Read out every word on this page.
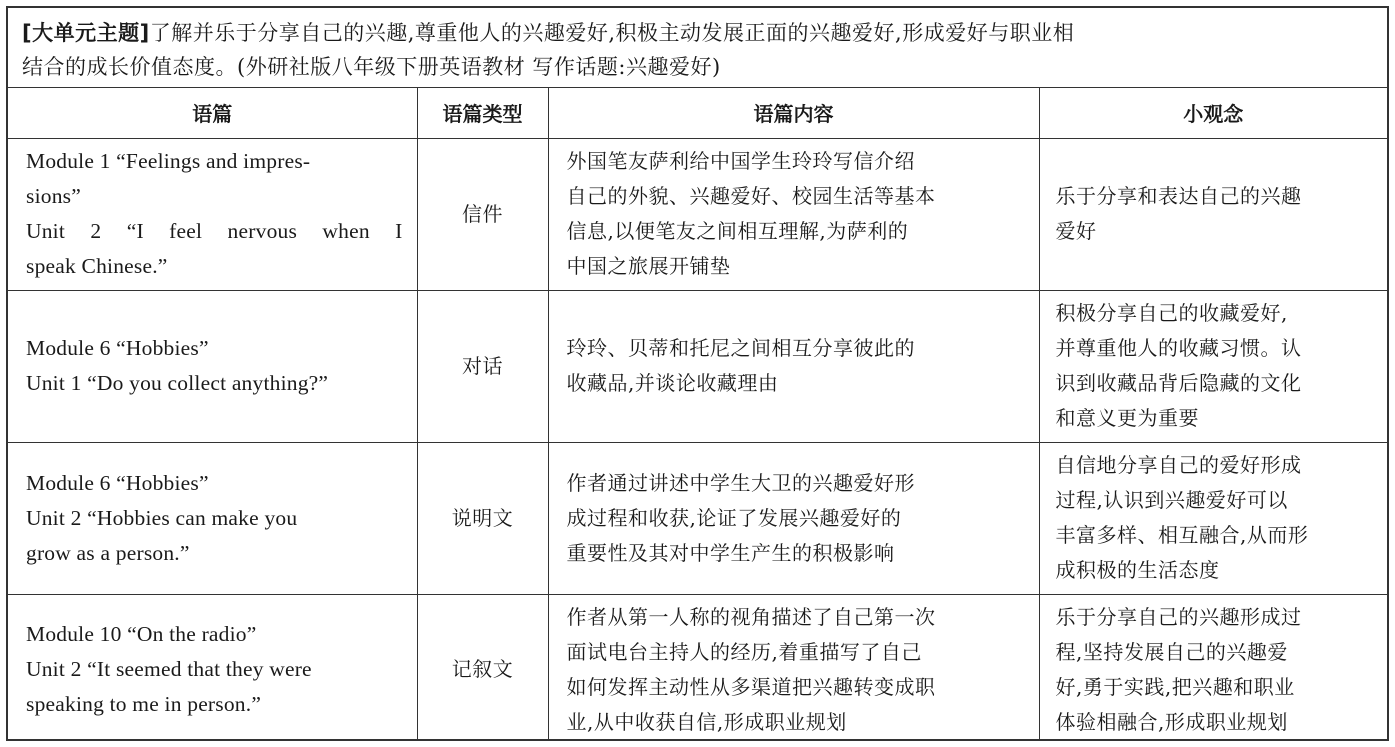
[大单元主题]了解并乐于分享自己的兴趣,尊重他人的兴趣爱好,积极主动发展正面的兴趣爱好,形成爱好与职业相
结合的成长价值态度。(外研社版八年级下册英语教材 写作话题:兴趣爱好)
语篇	语篇类型	语篇内容	小观念

Module 1 “Feelings and impres-
sions”
Unit 2 “I feel nervous when I
speak Chinese.”	信件	外国笔友萨利给中国学生玲玲写信介绍
自己的外貌、兴趣爱好、校园生活等基本
信息,以便笔友之间相互理解,为萨利的
中国之旅展开铺垫	乐于分享和表达自己的兴趣
爱好

Module 6 “Hobbies”
Unit 1 “Do you collect anything?”	对话	玲玲、贝蒂和托尼之间相互分享彼此的
收藏品,并谈论收藏理由	积极分享自己的收藏爱好,
并尊重他人的收藏习惯。认
识到收藏品背后隐藏的文化
和意义更为重要

Module 6 “Hobbies”
Unit 2 “Hobbies can make you
grow as a person.”	说明文	作者通过讲述中学生大卫的兴趣爱好形
成过程和收获,论证了发展兴趣爱好的
重要性及其对中学生产生的积极影响	自信地分享自己的爱好形成
过程,认识到兴趣爱好可以
丰富多样、相互融合,从而形
成积极的生活态度

Module 10 “On the radio”
Unit 2 “It seemed that they were
speaking to me in person.”	记叙文	作者从第一人称的视角描述了自己第一次
面试电台主持人的经历,着重描写了自己
如何发挥主动性从多渠道把兴趣转变成职
业,从中收获自信,形成职业规划	乐于分享自己的兴趣形成过
程,坚持发展自己的兴趣爱
好,勇于实践,把兴趣和职业
体验相融合,形成职业规划
